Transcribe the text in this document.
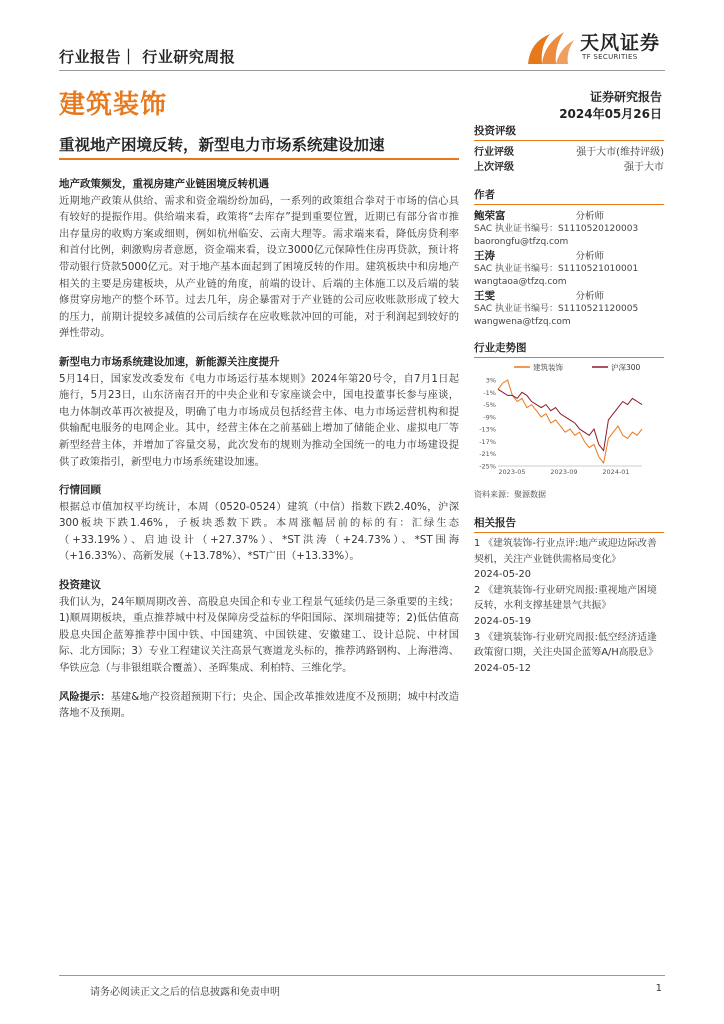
行业报告｜ 行业研究周报
天风证券
TF SECURITIES
建筑装饰	证券研究报告
2024年05月26日
重视地产困境反转，新型电力市场系统建设加速
地产政策频发，重视房建产业链困境反转机遇

近期地产政策从供给、需求和资金端纷纷加码，一系列的政策组合拳对于市场的信心具有较好的提振作用。供给端来看，政策将“去库存”提到重要位置，近期已有部分省市推出存量房的收购方案或细则，例如杭州临安、云南大理等。需求端来看，降低房贷利率和首付比例，刺激购房者意愿，资金端来看，设立3000亿元保障性住房再贷款，预计将带动银行贷款5000亿元。对于地产基本面起到了困境反转的作用。建筑板块中和房地产相关的主要是房建板块，从产业链的角度，前端的设计、后端的主体施工以及后端的装修贯穿房地产的整个环节。过去几年，房企暴雷对于产业链的公司应收账款形成了较大的压力，前期计提较多减值的公司后续存在应收账款冲回的可能，对于利润起到较好的弹性带动。

新型电力市场系统建设加速，新能源关注度提升

5月14日，国家发改委发布《电力市场运行基本规则》2024年第20号令，自7月1日起施行，5月23日，山东济南召开的中央企业和专家座谈会中，国电投董事长参与座谈，电力体制改革再次被提及，明确了电力市场成员包括经营主体、电力市场运营机构和提供输配电服务的电网企业。其中，经营主体在之前基础上增加了储能企业、虚拟电厂等新型经营主体，并增加了容量交易，此次发布的规则为推动全国统一的电力市场建设提供了政策指引，新型电力市场系统建设加速。

行情回顾

根据总市值加权平均统计，本周（0520-0524）建筑（中信）指数下跌2.40%，沪深300板块下跌1.46%，子板块悉数下跌。本周涨幅居前的标的有：汇绿生态（+33.19%）、启迪设计（+27.37%）、*ST洪涛（+24.73%）、*ST围海（+16.33%）、高新发展（+13.78%）、*ST广田（+13.33%）。

投资建议

我们认为，24年顺周期改善、高股息央国企和专业工程景气延续仍是三条重要的主线；1)顺周期板块，重点推荐城中村及保障房受益标的华阳国际、深圳瑞捷等；2)低估值高股息央国企蓝筹推荐中国中铁、中国建筑、中国铁建、安徽建工、设计总院、中材国际、北方国际；3）专业工程建议关注高景气赛道龙头标的，推荐鸿路钢构、上海港湾、华铁应急（与非银组联合覆盖）、圣晖集成、利柏特、三维化学。

风险提示：基建&地产投资超预期下行；央企、国企改革推效进度不及预期；城中村改造落地不及预期。

投资评级
行业评级	强于大市(维持评级)
上次评级	强于大市
作者
鲍荣富	分析师
SAC 执业证书编号：S1110520120003
baorongfu@tfzq.com
王涛	分析师
SAC 执业证书编号：S1110521010001
wangtaoa@tfzq.com
王雯	分析师
SAC 执业证书编号：S1110521120005
wangwena@tfzq.com
行业走势图
建筑装饰	沪深300
3%
-1%
-5%
-9%
-13%
-17%
-21%
-25%
2023-05	2023-09	2024-01
资料来源：聚源数据
相关报告
1 《建筑装饰-行业点评:地产或迎边际改善契机，关注产业链供需格局变化》
2024-05-20
2 《建筑装饰-行业研究周报:重视地产困境反转，水利支撑基建景气共振》
2024-05-19
3 《建筑装饰-行业研究周报:低空经济适逢政策窗口期，关注央国企蓝筹A/H高股息》 2024-05-12
请务必阅读正文之后的信息披露和免责申明	1
